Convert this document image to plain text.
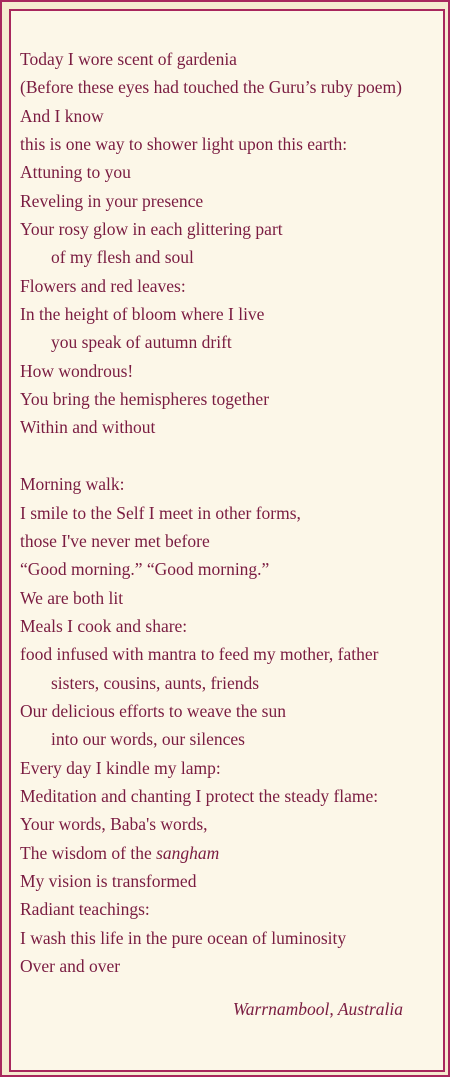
Today I wore scent of gardenia
(Before these eyes had touched the Guru’s ruby poem)
And I know
this is one way to shower light upon this earth:
Attuning to you
Reveling in your presence
Your rosy glow in each glittering part
of my flesh and soul
Flowers and red leaves:
In the height of bloom where I live
you speak of autumn drift
How wondrous!
You bring the hemispheres together
Within and without
Morning walk:
I smile to the Self I meet in other forms,
those I've never met before
“Good morning.” “Good morning.”
We are both lit
Meals I cook and share:
food infused with mantra to feed my mother, father
sisters, cousins, aunts, friends
Our delicious efforts to weave the sun
into our words, our silences
Every day I kindle my lamp:
Meditation and chanting I protect the steady flame:
Your words, Baba's words,
The wisdom of the sangham
My vision is transformed
Radiant teachings:
I wash this life in the pure ocean of luminosity
Over and over
Warrnambool, Australia
